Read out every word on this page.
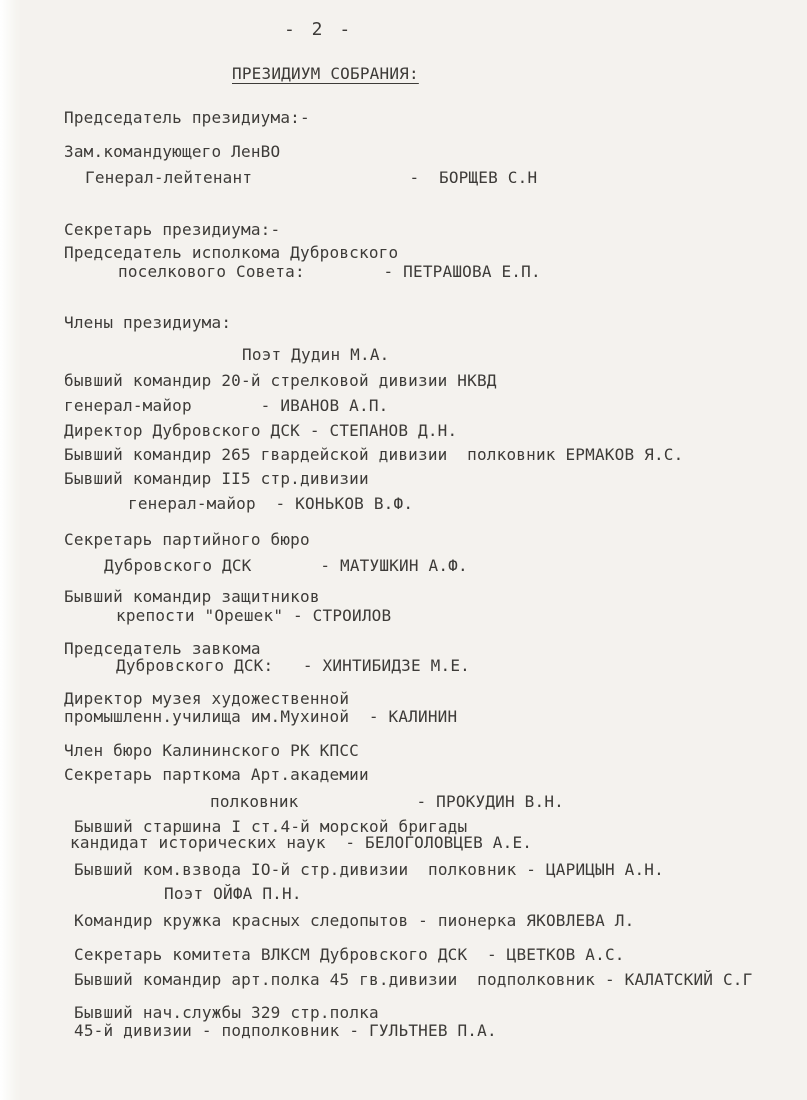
- 2 -
ПРЕЗИДИУМ СОБРАНИЯ:
Председатель президиума:-
Зам.командующего ЛенВО
Генерал-лейтенант                -  БОРЩЕВ С.Н
Секретарь президиума:-
Председатель исполкома Дубровского
поселкового Совета:        - ПЕТРАШОВА Е.П.
Члены президиума:
Поэт Дудин М.А.
бывший командир 20-й стрелковой дивизии НКВД
генерал-майор       - ИВАНОВ А.П.
Директор Дубровского ДСК - СТЕПАНОВ Д.Н.
Бывший командир 265 гвардейской дивизии  полковник ЕРМАКОВ Я.С.
Бывший командир II5 стр.дивизии
генерал-майор  - КОНЬКОВ В.Ф.
Секретарь партийного бюро
Дубровского ДСК       - МАТУШКИН А.Ф.
Бывший командир защитников
крепости "Орешек" - СТРОИЛОВ
Председатель завкома
Дубровского ДСК:   - ХИНТИБИДЗЕ М.Е.
Директор музея художественной
промышленн.училища им.Мухиной  - КАЛИНИН
Член бюро Калининского РК КПСС
Секретарь парткома Арт.академии
полковник            - ПРОКУДИН В.Н.
Бывший старшина I ст.4-й морской бригады
кандидат исторических наук  - БЕЛОГОЛОВЦЕВ А.Е.
Бывший ком.взвода IO-й стр.дивизии  полковник - ЦАРИЦЫН А.Н.
Поэт ОЙФА П.Н.
Командир кружка красных следопытов - пионерка ЯКОВЛЕВА Л.
Секретарь комитета ВЛКСМ Дубровского ДСК  - ЦВЕТКОВ А.С.
Бывший командир арт.полка 45 гв.дивизии  подполковник - КАЛАТСКИЙ С.Г
Бывший нач.службы 329 стр.полка
45-й дивизии - подполковник - ГУЛЬТНЕВ П.А.
